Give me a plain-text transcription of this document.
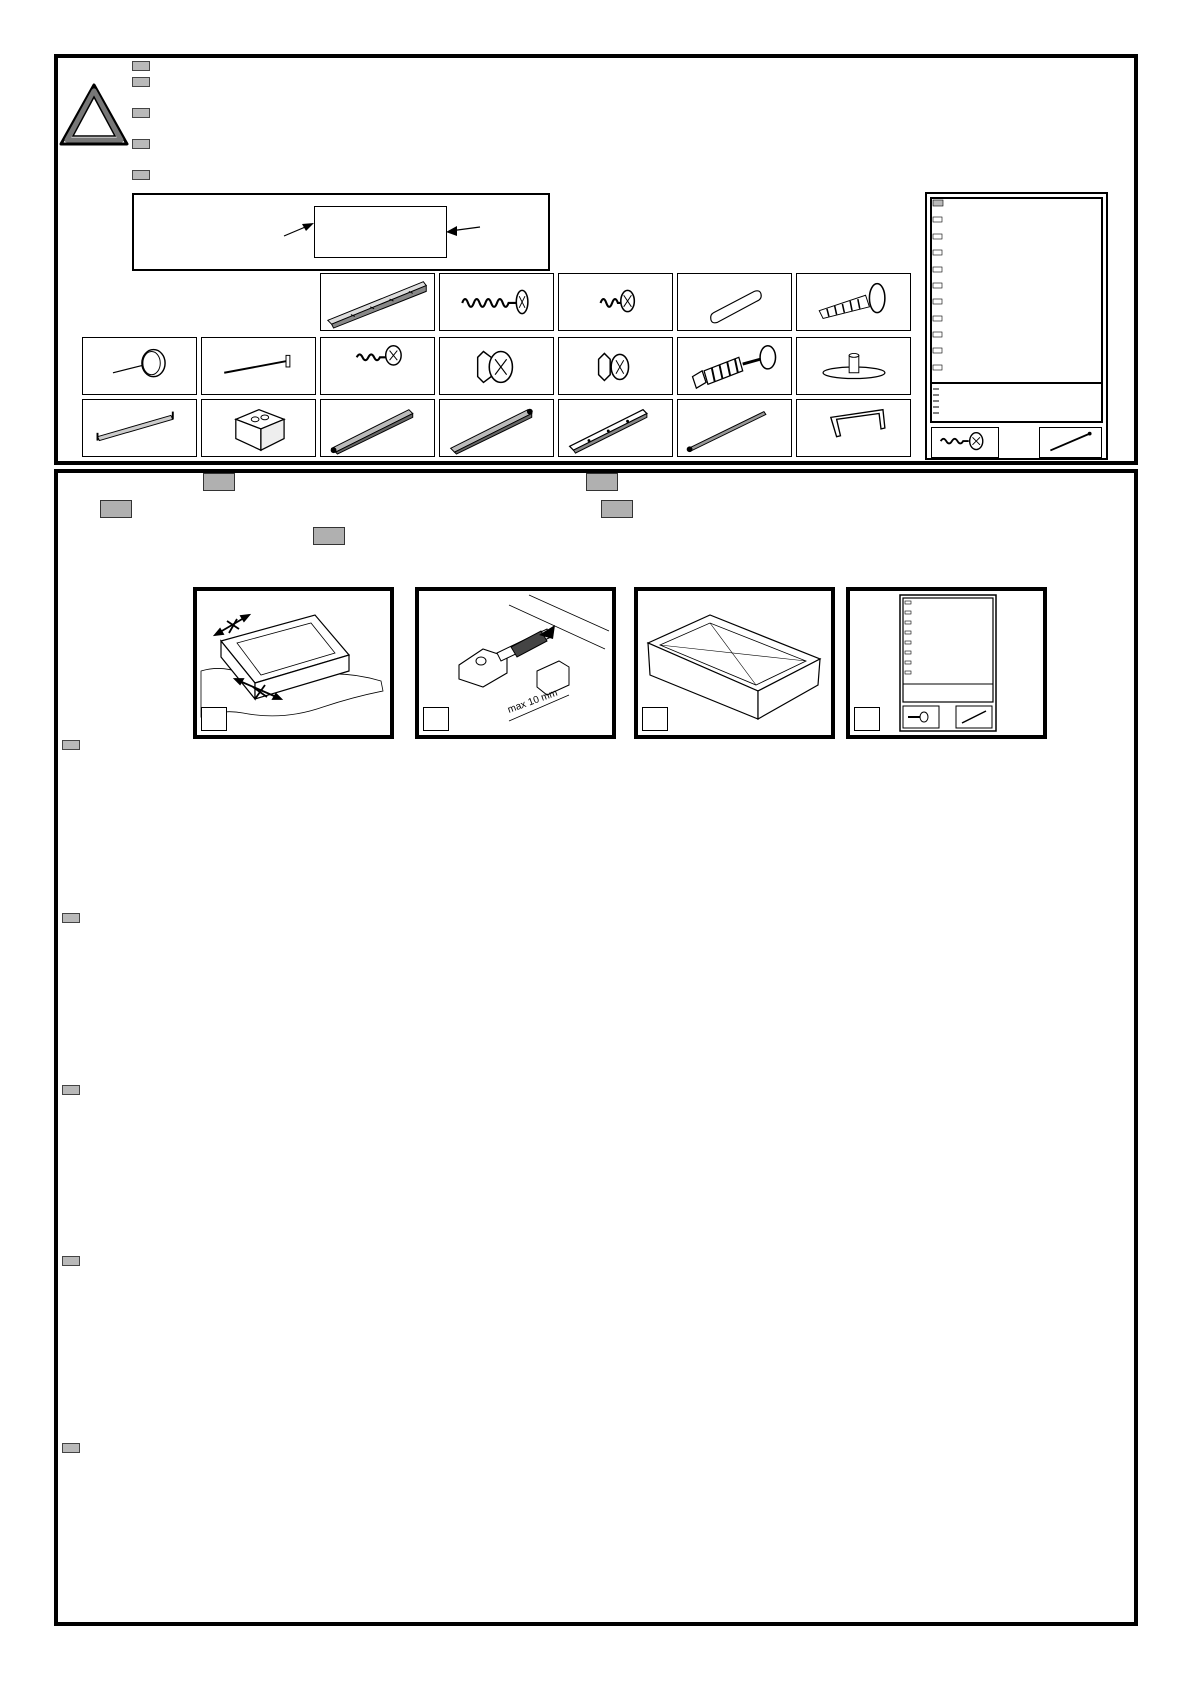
max 10 mm
